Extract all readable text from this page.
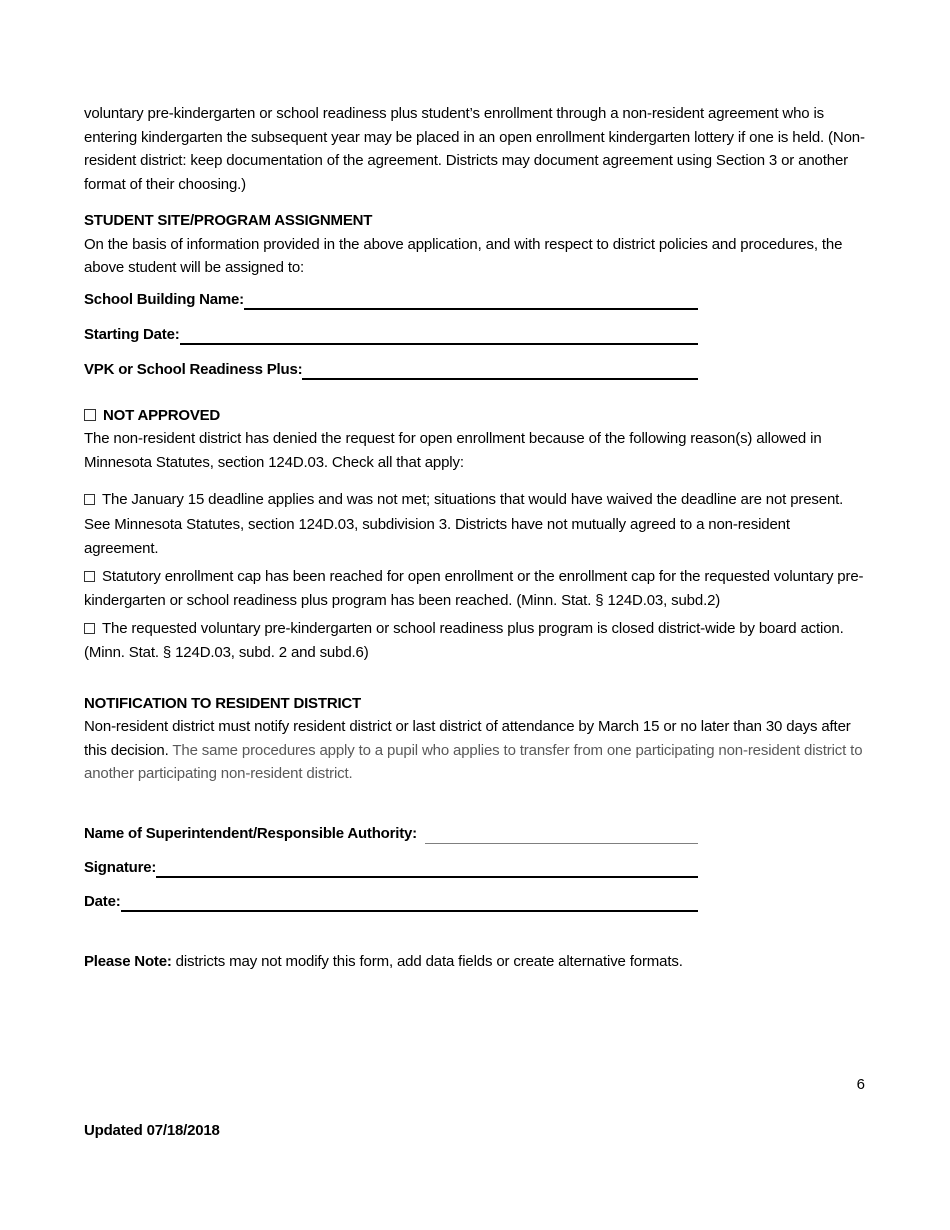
voluntary pre-kindergarten or school readiness plus student’s enrollment through a non-resident agreement who is entering kindergarten the subsequent year may be placed in an open enrollment kindergarten lottery if one is held. (Non-resident district: keep documentation of the agreement. Districts may document agreement using Section 3 or another format of their choosing.)

STUDENT SITE/PROGRAM ASSIGNMENT

On the basis of information provided in the above application, and with respect to district policies and procedures, the above student will be assigned to:

School Building Name:
Starting Date:
VPK or School Readiness Plus:
NOT APPROVED

The non-resident district has denied the request for open enrollment because of the following reason(s) allowed in Minnesota Statutes, section 124D.03. Check all that apply:

The January 15 deadline applies and was not met; situations that would have waived the deadline are not present. See Minnesota Statutes, section 124D.03, subdivision 3. Districts have not mutually agreed to a non-resident agreement.

Statutory enrollment cap has been reached for open enrollment or the enrollment cap for the requested voluntary pre-kindergarten or school readiness plus program has been reached. (Minn. Stat. § 124D.03, subd.2)

The requested voluntary pre-kindergarten or school readiness plus program is closed district-wide by board action. (Minn. Stat. § 124D.03, subd. 2 and subd.6)

NOTIFICATION TO RESIDENT DISTRICT

Non-resident district must notify resident district or last district of attendance by March 15 or no later than 30 days after this decision. The same procedures apply to a pupil who applies to transfer from one participating non-resident district to another participating non-resident district.

Name of Superintendent/Responsible Authority:
Signature:
Date:

Please Note: districts may not modify this form, add data fields or create alternative formats.

6
Updated 07/18/2018
